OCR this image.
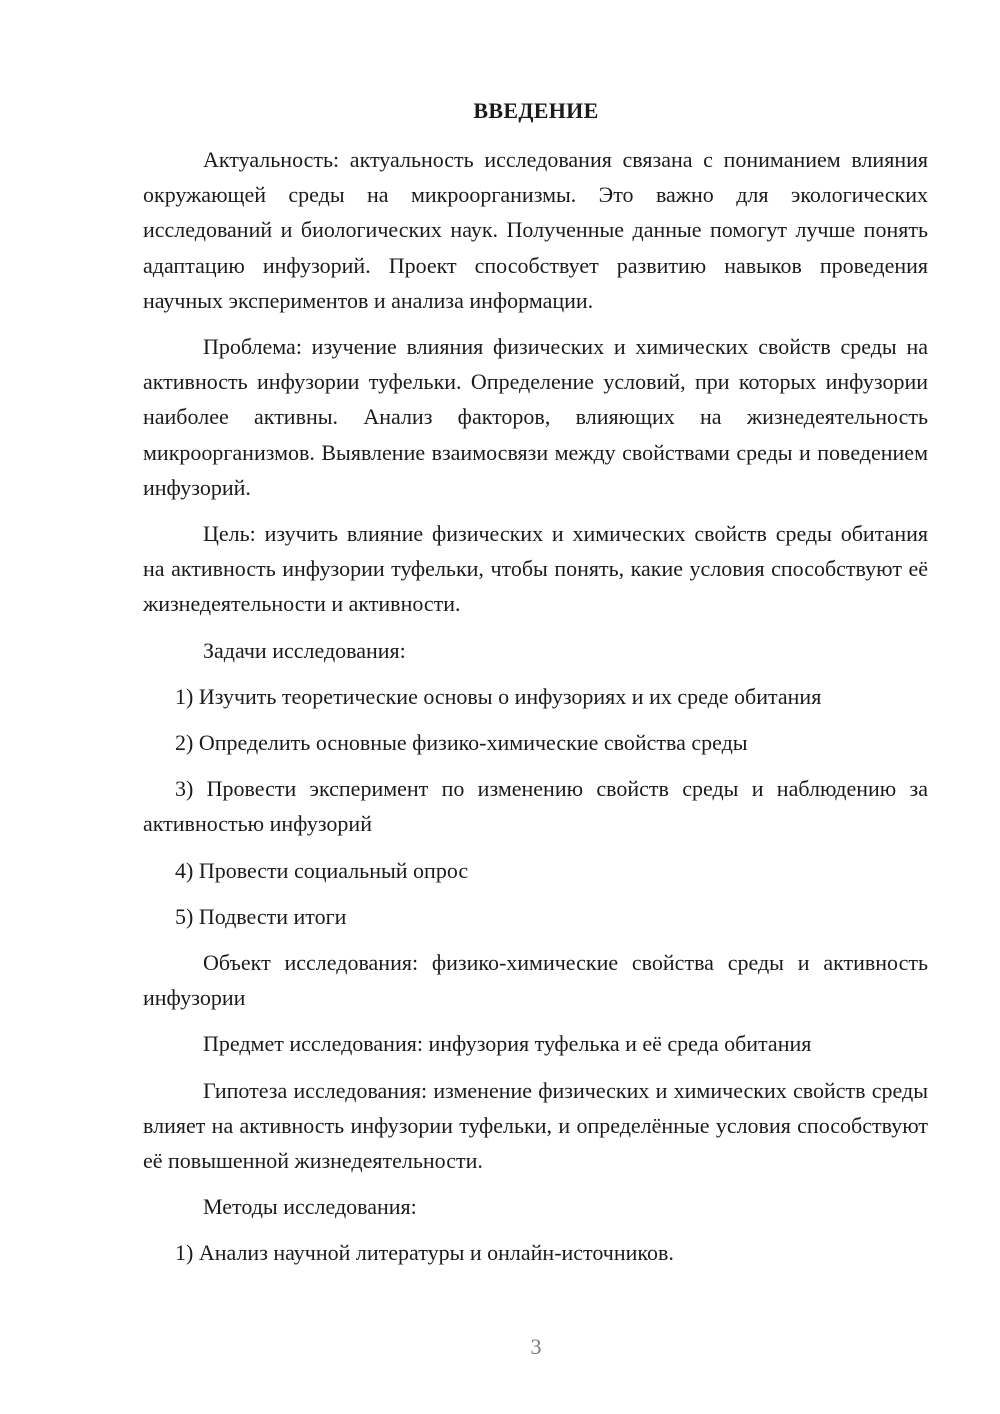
ВВЕДЕНИЕ

Актуальность: актуальность исследования связана с пониманием влияния окружающей среды на микроорганизмы. Это важно для экологических исследований и биологических наук. Полученные данные помогут лучше понять адаптацию инфузорий. Проект способствует развитию навыков проведения научных экспериментов и анализа информации.

Проблема: изучение влияния физических и химических свойств среды на активность инфузории туфельки. Определение условий, при которых инфузории наиболее активны. Анализ факторов, влияющих на жизнедеятельность микроорганизмов. Выявление взаимосвязи между свойствами среды и поведением инфузорий.

Цель: изучить влияние физических и химических свойств среды обитания на активность инфузории туфельки, чтобы понять, какие условия способствуют её жизнедеятельности и активности.

Задачи исследования:

1) Изучить теоретические основы о инфузориях и их среде обитания
2) Определить основные физико-химические свойства среды
3) Провести эксперимент по изменению свойств среды и наблюдению за активностью инфузорий
4) Провести социальный опрос
5) Подвести итоги

Объект исследования: физико-химические свойства среды и активность инфузории

Предмет исследования: инфузория туфелька и её среда обитания

Гипотеза исследования: изменение физических и химических свойств среды влияет на активность инфузории туфельки, и определённые условия способствуют её повышенной жизнедеятельности.

Методы исследования:

1) Анализ научной литературы и онлайн-источников.
3
